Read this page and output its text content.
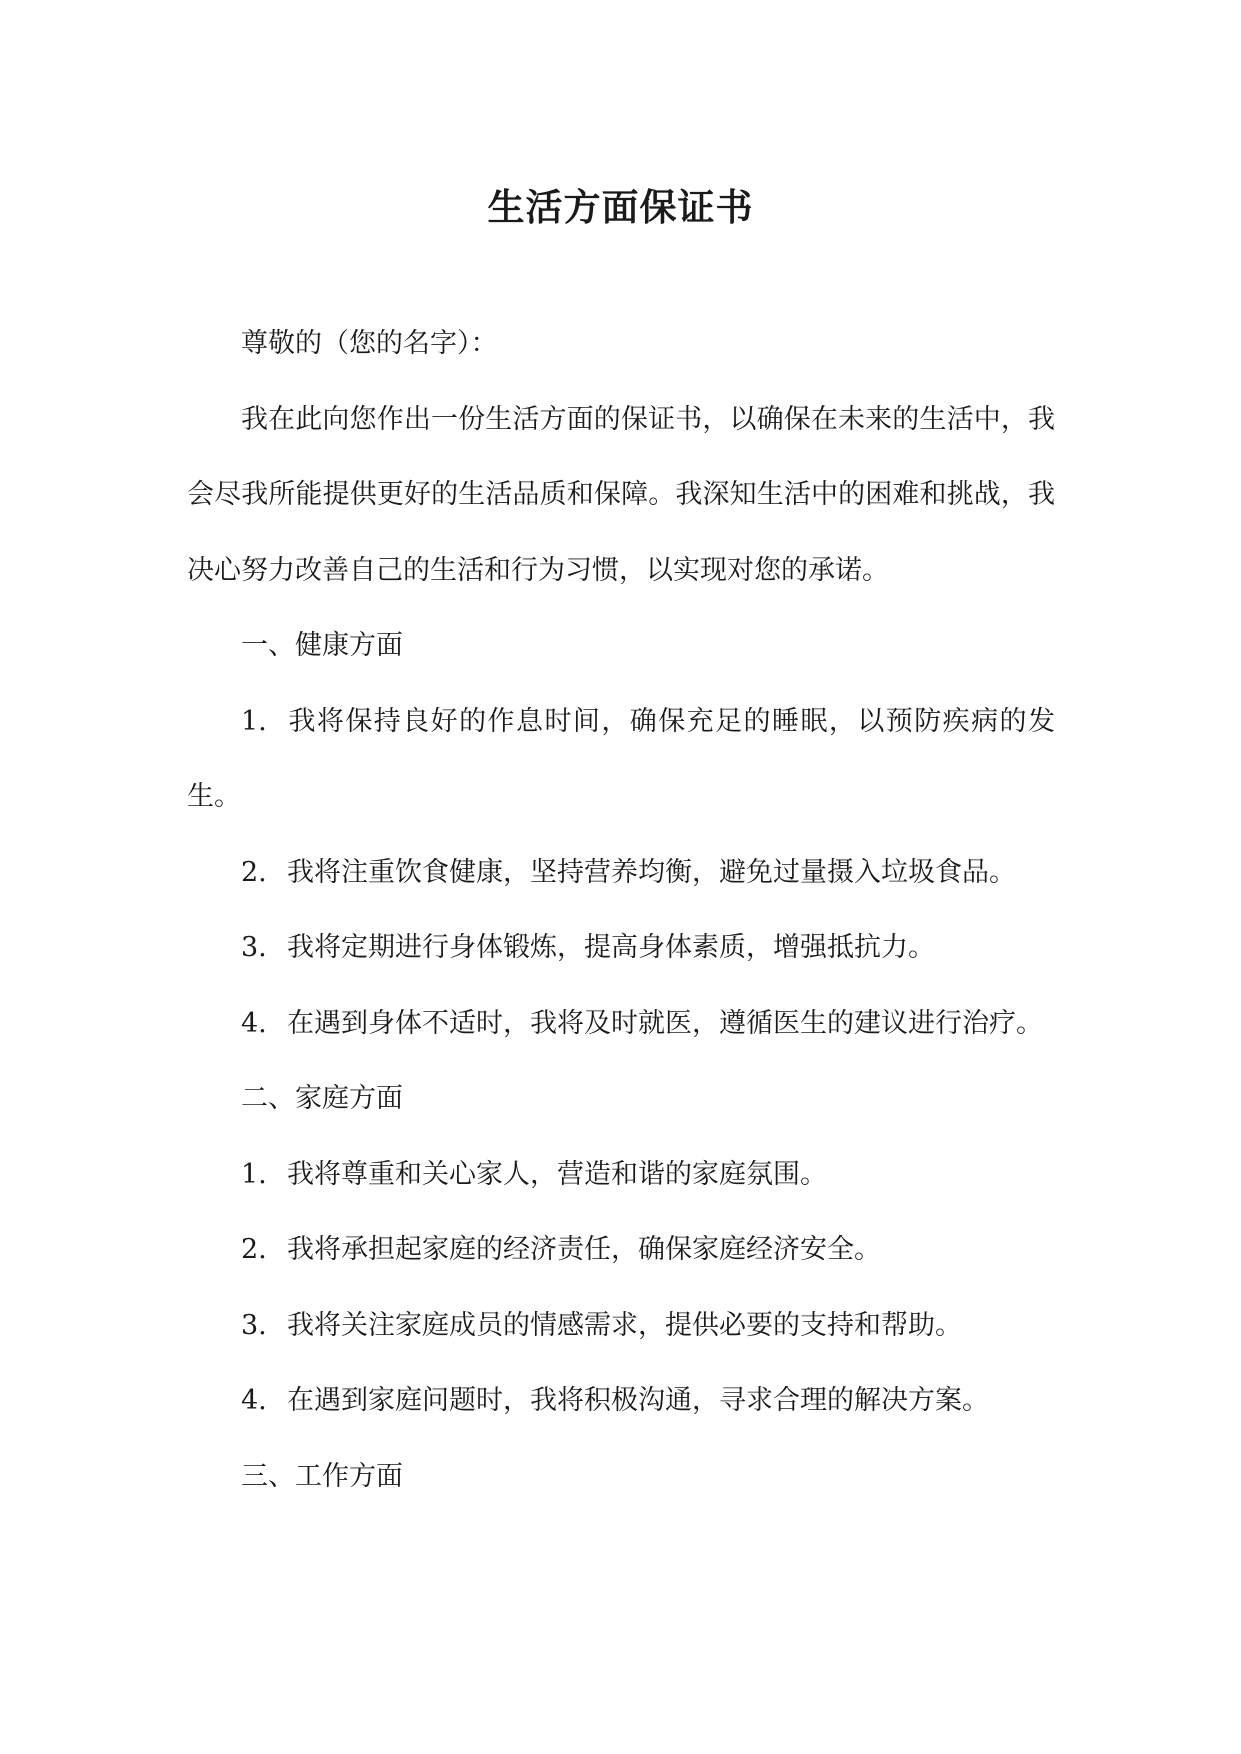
生活方面保证书

尊敬的（您的名字）：

我在此向您作出一份生活方面的保证书，以确保在未来的生活中，我会尽我所能提供更好的生活品质和保障。我深知生活中的困难和挑战，我决心努力改善自己的生活和行为习惯，以实现对您的承诺。

一、健康方面

1. 我将保持良好的作息时间，确保充足的睡眠，以预防疾病的发生。

2. 我将注重饮食健康，坚持营养均衡，避免过量摄入垃圾食品。

3. 我将定期进行身体锻炼，提高身体素质，增强抵抗力。

4. 在遇到身体不适时，我将及时就医，遵循医生的建议进行治疗。

二、家庭方面

1. 我将尊重和关心家人，营造和谐的家庭氛围。

2. 我将承担起家庭的经济责任，确保家庭经济安全。

3. 我将关注家庭成员的情感需求，提供必要的支持和帮助。

4. 在遇到家庭问题时，我将积极沟通，寻求合理的解决方案。

三、工作方面
